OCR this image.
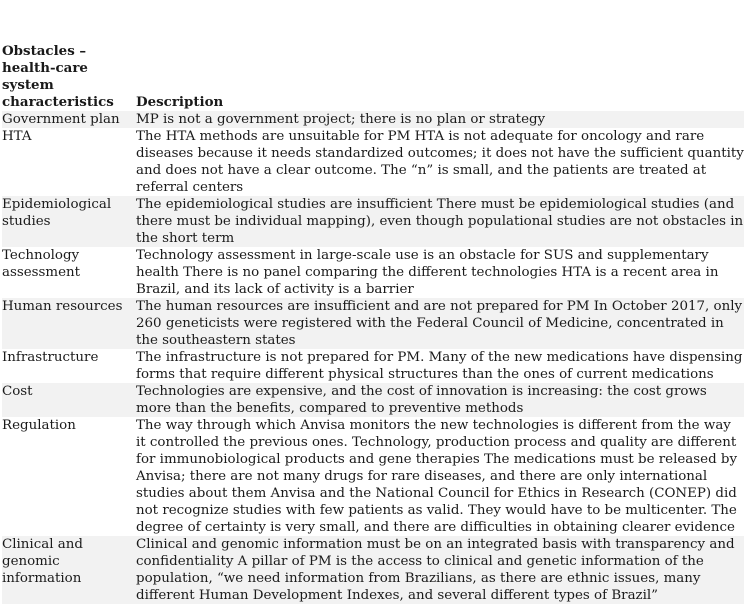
Obstacles – health-care system characteristics	Description
Government plan	MP is not a government project; there is no plan or strategy
HTA	The HTA methods are unsuitable for PM HTA is not adequate for oncology and rare diseases because it needs standardized outcomes; it does not have the sufficient quantity and does not have a clear outcome. The “n” is small, and the patients are treated at referral centers
Epidemiological studies	The epidemiological studies are insufficient There must be epidemiological studies (and there must be individual mapping), even though populational studies are not obstacles in the short term
Technology assessment	Technology assessment in large-scale use is an obstacle for SUS and supplementary health There is no panel comparing the different technologies HTA is a recent area in Brazil, and its lack of activity is a barrier
Human resources	The human resources are insufficient and are not prepared for PM In October 2017, only 260 geneticists were registered with the Federal Council of Medicine, concentrated in the southeastern states
Infrastructure	The infrastructure is not prepared for PM. Many of the new medications have dispensing forms that require different physical structures than the ones of current medications
Cost	Technologies are expensive, and the cost of innovation is increasing: the cost grows more than the benefits, compared to preventive methods
Regulation	The way through which Anvisa monitors the new technologies is different from the way it controlled the previous ones. Technology, production process and quality are different for immunobiological products and gene therapies The medications must be released by Anvisa; there are not many drugs for rare diseases, and there are only international studies about them Anvisa and the National Council for Ethics in Research (CONEP) did not recognize studies with few patients as valid. They would have to be multicenter. The degree of certainty is very small, and there are difficulties in obtaining clearer evidence
Clinical and genomic information	Clinical and genomic information must be on an integrated basis with transparency and confidentiality A pillar of PM is the access to clinical and genetic information of the population, “we need information from Brazilians, as there are ethnic issues, many different Human Development Indexes, and several different types of Brazil”
